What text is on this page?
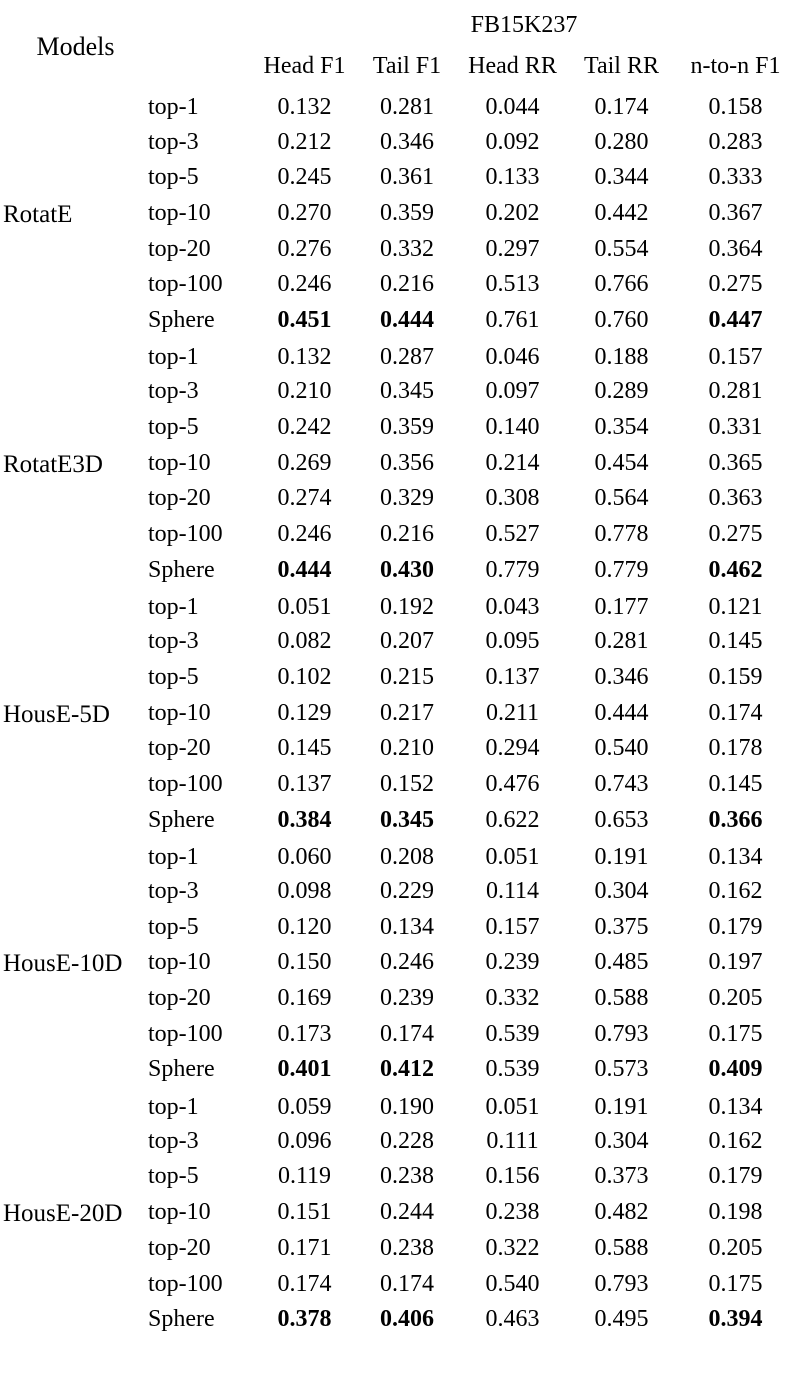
Models		FB15K237				
		Head F1	Tail F1	Head RR	Tail RR	n-to-n F1
RotatE	top-1	0.132	0.281	0.044	0.174	0.158
	top-3	0.212	0.346	0.092	0.280	0.283
	top-5	0.245	0.361	0.133	0.344	0.333
	top-10	0.270	0.359	0.202	0.442	0.367
	top-20	0.276	0.332	0.297	0.554	0.364
	top-100	0.246	0.216	0.513	0.766	0.275
	Sphere	0.451	0.444	0.761	0.760	0.447
RotatE3D	top-1	0.132	0.287	0.046	0.188	0.157
	top-3	0.210	0.345	0.097	0.289	0.281
	top-5	0.242	0.359	0.140	0.354	0.331
	top-10	0.269	0.356	0.214	0.454	0.365
	top-20	0.274	0.329	0.308	0.564	0.363
	top-100	0.246	0.216	0.527	0.778	0.275
	Sphere	0.444	0.430	0.779	0.779	0.462
HousE-5D	top-1	0.051	0.192	0.043	0.177	0.121
	top-3	0.082	0.207	0.095	0.281	0.145
	top-5	0.102	0.215	0.137	0.346	0.159
	top-10	0.129	0.217	0.211	0.444	0.174
	top-20	0.145	0.210	0.294	0.540	0.178
	top-100	0.137	0.152	0.476	0.743	0.145
	Sphere	0.384	0.345	0.622	0.653	0.366
HousE-10D	top-1	0.060	0.208	0.051	0.191	0.134
	top-3	0.098	0.229	0.114	0.304	0.162
	top-5	0.120	0.134	0.157	0.375	0.179
	top-10	0.150	0.246	0.239	0.485	0.197
	top-20	0.169	0.239	0.332	0.588	0.205
	top-100	0.173	0.174	0.539	0.793	0.175
	Sphere	0.401	0.412	0.539	0.573	0.409
HousE-20D	top-1	0.059	0.190	0.051	0.191	0.134
	top-3	0.096	0.228	0.111	0.304	0.162
	top-5	0.119	0.238	0.156	0.373	0.179
	top-10	0.151	0.244	0.238	0.482	0.198
	top-20	0.171	0.238	0.322	0.588	0.205
	top-100	0.174	0.174	0.540	0.793	0.175
	Sphere	0.378	0.406	0.463	0.495	0.394
